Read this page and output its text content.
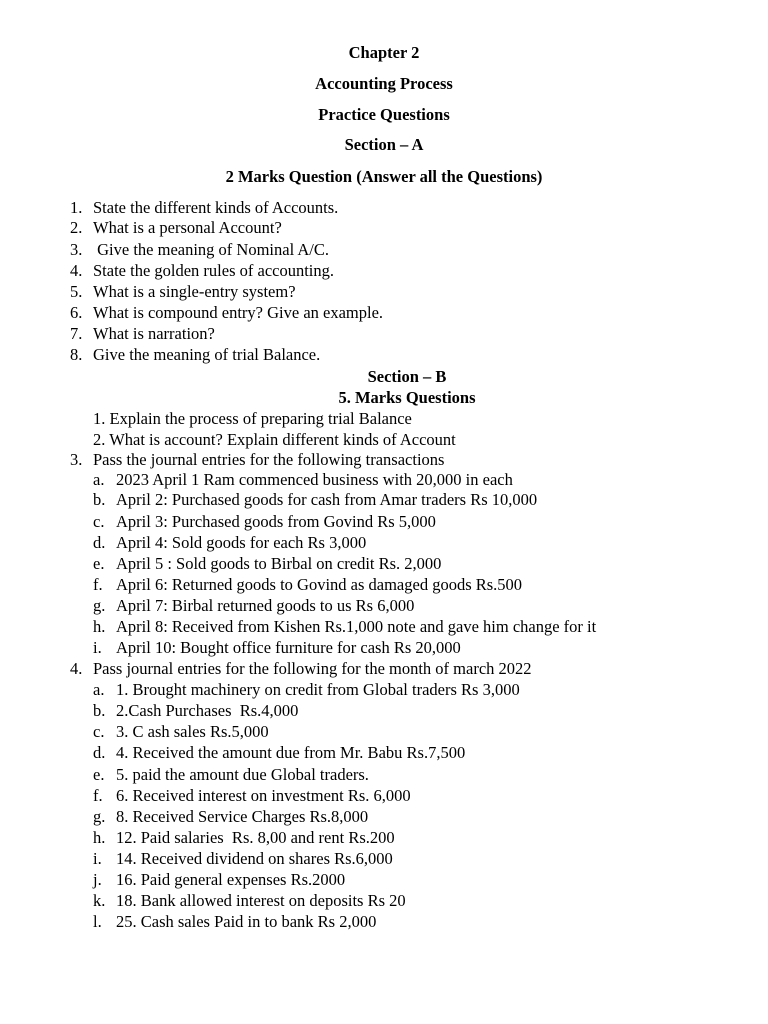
Chapter 2
Accounting Process
Practice Questions
Section – A
2 Marks Question (Answer all the Questions)
1. State the different kinds of Accounts.
2. What is a personal Account?
3. Give the meaning of Nominal A/C.
4. State the golden rules of accounting.
5. What is a single-entry system?
6. What is compound entry? Give an example.
7. What is narration?
8. Give the meaning of trial Balance.
Section – B
5. Marks Questions
1. Explain the process of preparing trial Balance
2. What is account? Explain different kinds of Account
3. Pass the journal entries for the following transactions
a. 2023 April 1 Ram commenced business with 20,000 in each
b. April 2: Purchased goods for cash from Amar traders Rs 10,000
c. April 3: Purchased goods from Govind Rs 5,000
d. April 4: Sold goods for each Rs 3,000
e. April 5 : Sold goods to Birbal on credit Rs. 2,000
f. April 6: Returned goods to Govind as damaged goods Rs.500
g. April 7: Birbal returned goods to us Rs 6,000
h. April 8: Received from Kishen Rs.1,000 note and gave him change for it
i. April 10: Bought office furniture for cash Rs 20,000
4. Pass journal entries for the following for the month of march 2022
a. 1. Brought machinery on credit from Global traders Rs 3,000
b. 2.Cash Purchases  Rs.4,000
c. 3. C ash sales Rs.5,000
d. 4. Received the amount due from Mr. Babu Rs.7,500
e. 5. paid the amount due Global traders.
f. 6. Received interest on investment Rs. 6,000
g. 8. Received Service Charges Rs.8,000
h. 12. Paid salaries  Rs. 8,00 and rent Rs.200
i. 14. Received dividend on shares Rs.6,000
j. 16. Paid general expenses Rs.2000
k. 18. Bank allowed interest on deposits Rs 20
l. 25. Cash sales Paid in to bank Rs 2,000
